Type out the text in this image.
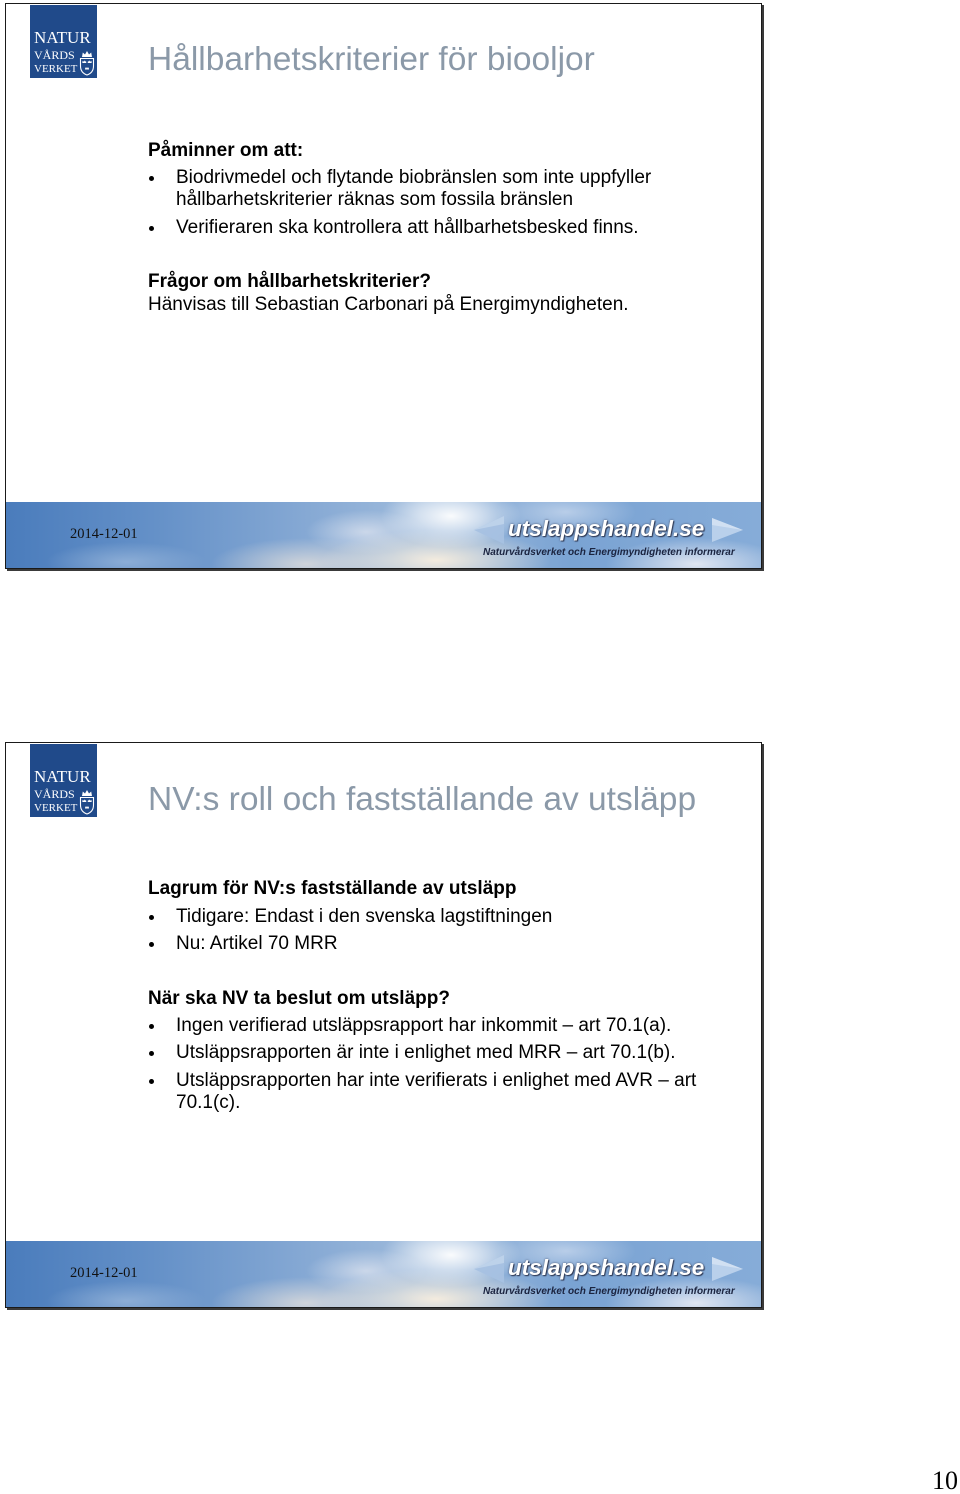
NATUR
VÅRDS
VERKET Hållbarhetskriterier för biooljor
Påminner om att:
Biodrivmedel och flytande biobränslen som inte uppfyller hållbarhetskriterier räknas som fossila bränslen
Verifieraren ska kontrollera att hållbarhetsbesked finns.
Frågor om hållbarhetskriterier?
Hänvisas till Sebastian Carbonari på Energimyndigheten.
2014-12-01	utslappshandel.se
Naturvårdsverket och Energimyndigheten informerar
NATUR
VÅRDS
VERKET NV:s roll och fastställande av utsläpp
Lagrum för NV:s fastställande av utsläpp
Tidigare: Endast i den svenska lagstiftningen
Nu: Artikel 70 MRR
När ska NV ta beslut om utsläpp?
Ingen verifierad utsläppsrapport har inkommit – art 70.1(a).
Utsläppsrapporten är inte i enlighet med MRR – art 70.1(b).
Utsläppsrapporten har inte verifierats i enlighet med AVR – art 70.1(c).
2014-12-01	utslappshandel.se
Naturvårdsverket och Energimyndigheten informerar
10
